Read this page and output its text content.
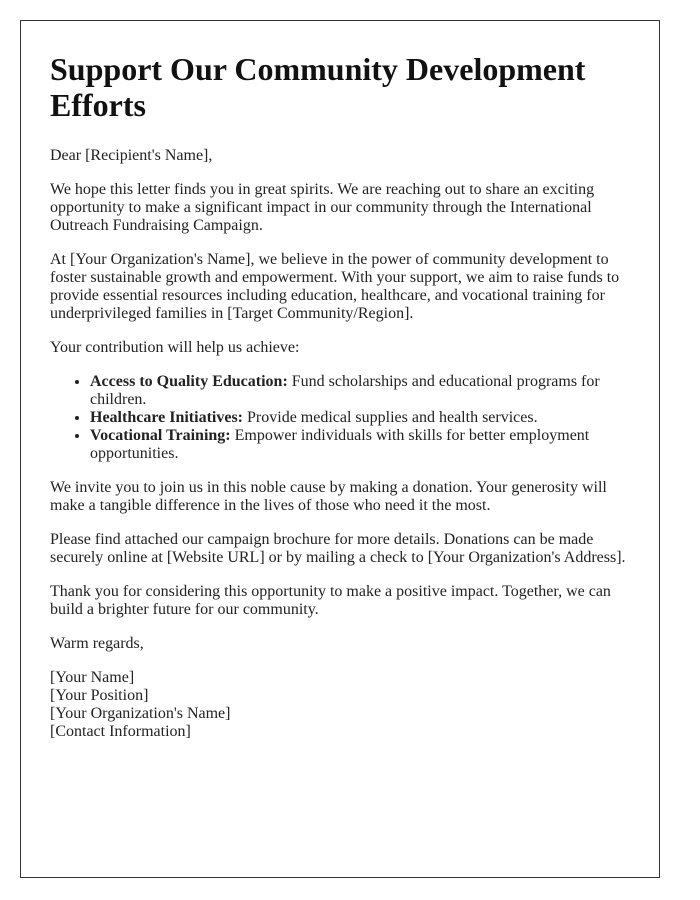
Support Our Community Development Efforts

Dear [Recipient's Name],

We hope this letter finds you in great spirits. We are reaching out to share an exciting opportunity to make a significant impact in our community through the International Outreach Fundraising Campaign.

At [Your Organization's Name], we believe in the power of community development to foster sustainable growth and empowerment. With your support, we aim to raise funds to provide essential resources including education, healthcare, and vocational training for underprivileged families in [Target Community/Region].

Your contribution will help us achieve:

• Access to Quality Education: Fund scholarships and educational programs for children.
• Healthcare Initiatives: Provide medical supplies and health services.
• Vocational Training: Empower individuals with skills for better employment opportunities.

We invite you to join us in this noble cause by making a donation. Your generosity will make a tangible difference in the lives of those who need it the most.

Please find attached our campaign brochure for more details. Donations can be made securely online at [Website URL] or by mailing a check to [Your Organization's Address].

Thank you for considering this opportunity to make a positive impact. Together, we can build a brighter future for our community.

Warm regards,

[Your Name]
[Your Position]
[Your Organization's Name]
[Contact Information]
